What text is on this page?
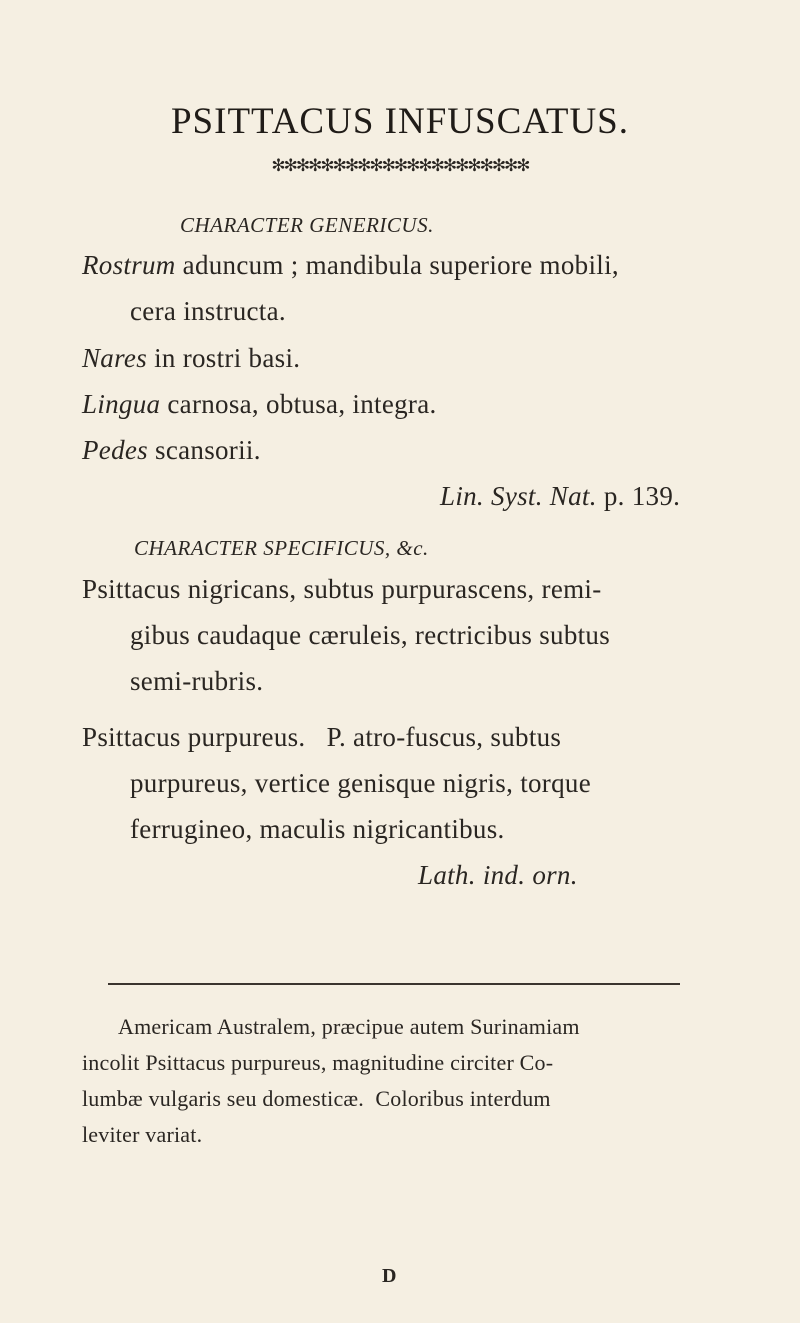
PSITTACUS INFUSCATUS.
✻✻✻✻✻✻✻✻✻✻✻✻✻✻✻✻✻✻✻✻✻
CHARACTER GENERICUS.
Rostrum aduncum ; mandibula superiore mobili,
cera instructa.
Nares in rostri basi.
Lingua carnosa, obtusa, integra.
Pedes scansorii.
Lin. Syst. Nat. p. 139.
CHARACTER SPECIFICUS, &c.
Psittacus nigricans, subtus purpurascens, remi-
gibus caudaque cæruleis, rectricibus subtus
semi-rubris.
Psittacus purpureus.   P. atro-fuscus, subtus
purpureus, vertice genisque nigris, torque
ferrugineo, maculis nigricantibus.
Lath. ind. orn.
Americam Australem, præcipue autem Surinamiam
incolit Psittacus purpureus, magnitudine circiter Co-
lumbæ vulgaris seu domesticæ.  Coloribus interdum
leviter variat.
D
